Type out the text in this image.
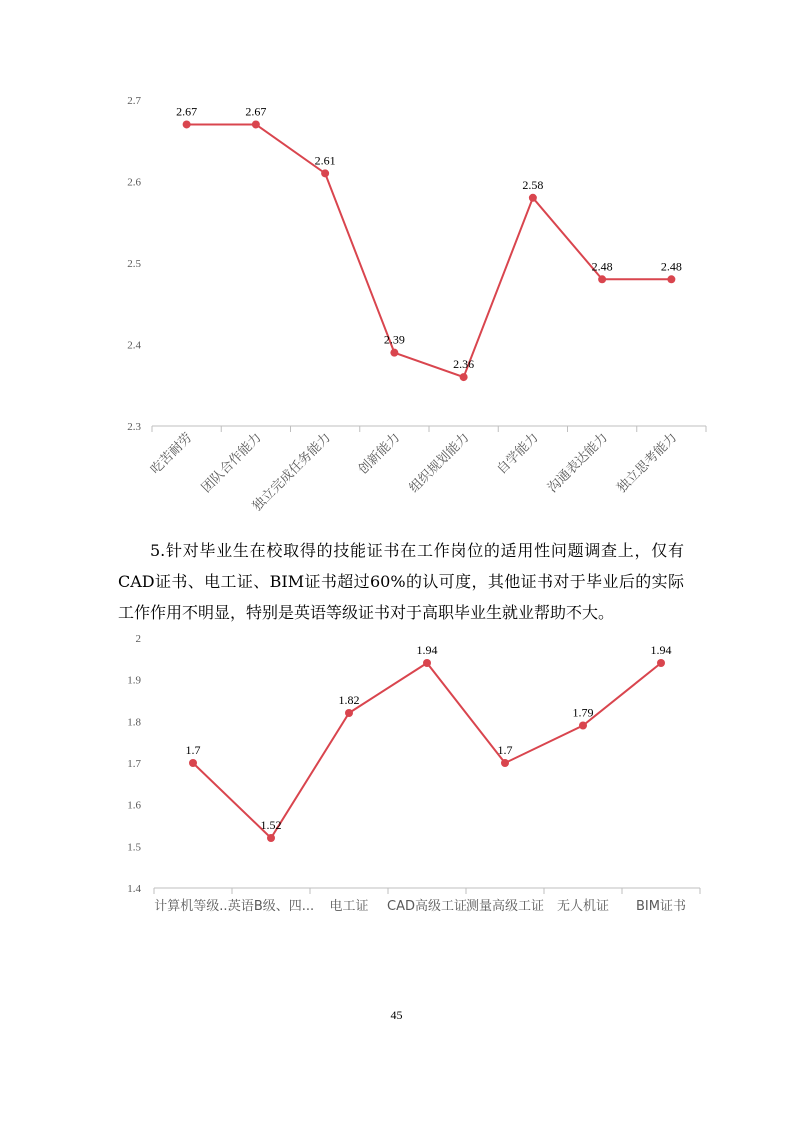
2.3
2.4
2.5
2.6
2.7
吃苦耐劳 团队合作能力
独立完成任务能力 创新能力 组织规划能力 自学能力 沟通表达能力 独立思考能力
2.67	2.67
2.61
2.39
2.36
2.58
2.48	2.48
5.针对毕业生在校取得的技能证书在工作岗位的适用性问题调查上，仅有CAD证书、电工证、BIM证书超过60%的认可度，其他证书对于毕业后的实际工作作用不明显，特别是英语等级证书对于高职毕业生就业帮助不大。
1.4
1.5
1.6
1.7
1.8
1.9
2
计算机等级...
英语B级、四... 电工证 CAD高级工证 测量高级工证 无人机证 BIM证书
1.7
1.52
1.82
1.94
1.7
1.79
1.94
45
